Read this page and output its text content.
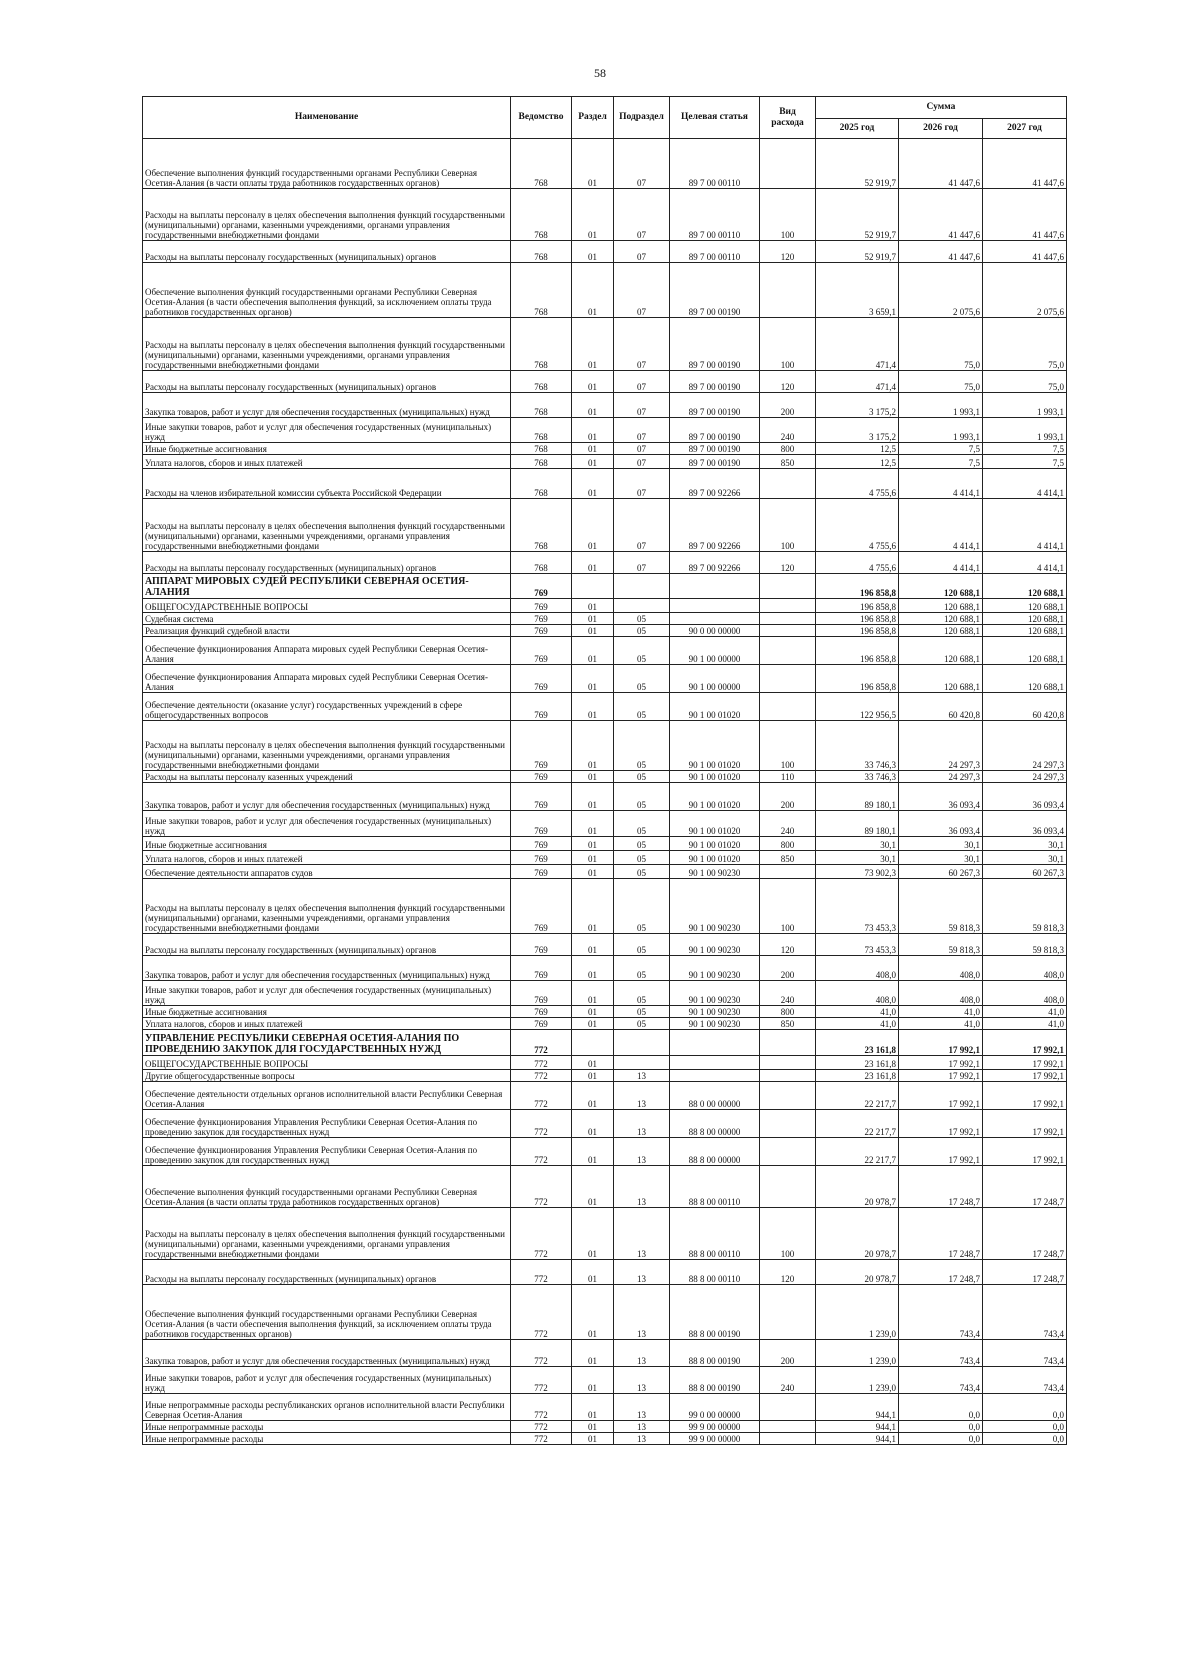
58
Наименование	Ведомство	Раздел	Подраздел	Целевая статья	Вид расхода	Сумма		
						2025 год	2026 год	2027 год
Обеспечение выполнения функций государственными органами Республики Северная Осетия-Алания (в части оплаты труда работников государственных органов)	768	01	07	89 7 00 00110		52 919,7	41 447,6	41 447,6
Расходы на выплаты персоналу в целях обеспечения выполнения функций государственными (муниципальными) органами, казенными учреждениями, органами управления государственными внебюджетными фондами	768	01	07	89 7 00 00110	100	52 919,7	41 447,6	41 447,6
Расходы на выплаты персоналу государственных (муниципальных) органов	768	01	07	89 7 00 00110	120	52 919,7	41 447,6	41 447,6
Обеспечение выполнения функций государственными органами Республики Северная Осетия-Алания (в части обеспечения выполнения функций, за исключением оплаты труда работников государственных органов)	768	01	07	89 7 00 00190		3 659,1	2 075,6	2 075,6
Расходы на выплаты персоналу в целях обеспечения выполнения функций государственными (муниципальными) органами, казенными учреждениями, органами управления государственными внебюджетными фондами	768	01	07	89 7 00 00190	100	471,4	75,0	75,0
Расходы на выплаты персоналу государственных (муниципальных) органов	768	01	07	89 7 00 00190	120	471,4	75,0	75,0
Закупка товаров, работ и услуг для обеспечения государственных (муниципальных) нужд	768	01	07	89 7 00 00190	200	3 175,2	1 993,1	1 993,1
Иные закупки товаров, работ и услуг для обеспечения государственных (муниципальных) нужд	768	01	07	89 7 00 00190	240	3 175,2	1 993,1	1 993,1
Иные бюджетные ассигнования	768	01	07	89 7 00 00190	800	12,5	7,5	7,5
Уплата налогов, сборов и иных платежей	768	01	07	89 7 00 00190	850	12,5	7,5	7,5
Расходы на членов избирательной комиссии субъекта Российской Федерации	768	01	07	89 7 00 92266		4 755,6	4 414,1	4 414,1
Расходы на выплаты персоналу в целях обеспечения выполнения функций государственными (муниципальными) органами, казенными учреждениями, органами управления государственными внебюджетными фондами	768	01	07	89 7 00 92266	100	4 755,6	4 414,1	4 414,1
Расходы на выплаты персоналу государственных (муниципальных) органов	768	01	07	89 7 00 92266	120	4 755,6	4 414,1	4 414,1
АППАРАТ МИРОВЫХ СУДЕЙ РЕСПУБЛИКИ СЕВЕРНАЯ ОСЕТИЯ-АЛАНИЯ	769					196 858,8	120 688,1	120 688,1
ОБЩЕГОСУДАРСТВЕННЫЕ ВОПРОСЫ	769	01				196 858,8	120 688,1	120 688,1
Судебная система	769	01	05			196 858,8	120 688,1	120 688,1
Реализация функций судебной власти	769	01	05	90 0 00 00000		196 858,8	120 688,1	120 688,1
Обеспечение функционирования Аппарата мировых судей Республики Северная Осетия-Алания	769	01	05	90 1 00 00000		196 858,8	120 688,1	120 688,1
Обеспечение функционирования Аппарата мировых судей Республики Северная Осетия-Алания	769	01	05	90 1 00 00000		196 858,8	120 688,1	120 688,1
Обеспечение деятельности (оказание услуг) государственных учреждений в сфере общегосударственных вопросов	769	01	05	90 1 00 01020		122 956,5	60 420,8	60 420,8
Расходы на выплаты персоналу в целях обеспечения выполнения функций государственными (муниципальными) органами, казенными учреждениями, органами управления государственными внебюджетными фондами	769	01	05	90 1 00 01020	100	33 746,3	24 297,3	24 297,3
Расходы на выплаты персоналу казенных учреждений	769	01	05	90 1 00 01020	110	33 746,3	24 297,3	24 297,3
Закупка товаров, работ и услуг для обеспечения государственных (муниципальных) нужд	769	01	05	90 1 00 01020	200	89 180,1	36 093,4	36 093,4
Иные закупки товаров, работ и услуг для обеспечения государственных (муниципальных) нужд	769	01	05	90 1 00 01020	240	89 180,1	36 093,4	36 093,4
Иные бюджетные ассигнования	769	01	05	90 1 00 01020	800	30,1	30,1	30,1
Уплата налогов, сборов и иных платежей	769	01	05	90 1 00 01020	850	30,1	30,1	30,1
Обеспечение деятельности аппаратов судов	769	01	05	90 1 00 90230		73 902,3	60 267,3	60 267,3
Расходы на выплаты персоналу в целях обеспечения выполнения функций государственными (муниципальными) органами, казенными учреждениями, органами управления государственными внебюджетными фондами	769	01	05	90 1 00 90230	100	73 453,3	59 818,3	59 818,3
Расходы на выплаты персоналу государственных (муниципальных) органов	769	01	05	90 1 00 90230	120	73 453,3	59 818,3	59 818,3
Закупка товаров, работ и услуг для обеспечения государственных (муниципальных) нужд	769	01	05	90 1 00 90230	200	408,0	408,0	408,0
Иные закупки товаров, работ и услуг для обеспечения государственных (муниципальных) нужд	769	01	05	90 1 00 90230	240	408,0	408,0	408,0
Иные бюджетные ассигнования	769	01	05	90 1 00 90230	800	41,0	41,0	41,0
Уплата налогов, сборов и иных платежей	769	01	05	90 1 00 90230	850	41,0	41,0	41,0
УПРАВЛЕНИЕ РЕСПУБЛИКИ СЕВЕРНАЯ ОСЕТИЯ-АЛАНИЯ ПО ПРОВЕДЕНИЮ ЗАКУПОК ДЛЯ ГОСУДАРСТВЕННЫХ НУЖД	772					23 161,8	17 992,1	17 992,1
ОБЩЕГОСУДАРСТВЕННЫЕ ВОПРОСЫ	772	01				23 161,8	17 992,1	17 992,1
Другие общегосударственные вопросы	772	01	13			23 161,8	17 992,1	17 992,1
Обеспечение деятельности отдельных органов исполнительной власти Республики Северная Осетия-Алания	772	01	13	88 0 00 00000		22 217,7	17 992,1	17 992,1
Обеспечение функционирования Управления Республики Северная Осетия-Алания по проведению закупок для государственных нужд	772	01	13	88 8 00 00000		22 217,7	17 992,1	17 992,1
Обеспечение функционирования Управления Республики Северная Осетия-Алания по проведению закупок для государственных нужд	772	01	13	88 8 00 00000		22 217,7	17 992,1	17 992,1
Обеспечение выполнения функций государственными органами Республики Северная Осетия-Алания (в части оплаты труда работников государственных органов)	772	01	13	88 8 00 00110		20 978,7	17 248,7	17 248,7
Расходы на выплаты персоналу в целях обеспечения выполнения функций государственными (муниципальными) органами, казенными учреждениями, органами управления государственными внебюджетными фондами	772	01	13	88 8 00 00110	100	20 978,7	17 248,7	17 248,7
Расходы на выплаты персоналу государственных (муниципальных) органов	772	01	13	88 8 00 00110	120	20 978,7	17 248,7	17 248,7
Обеспечение выполнения функций государственными органами Республики Северная Осетия-Алания (в части обеспечения выполнения функций, за исключением оплаты труда работников государственных органов)	772	01	13	88 8 00 00190		1 239,0	743,4	743,4
Закупка товаров, работ и услуг для обеспечения государственных (муниципальных) нужд	772	01	13	88 8 00 00190	200	1 239,0	743,4	743,4
Иные закупки товаров, работ и услуг для обеспечения государственных (муниципальных) нужд	772	01	13	88 8 00 00190	240	1 239,0	743,4	743,4
Иные непрограммные расходы республиканских органов исполнительной власти Республики Северная Осетия-Алания	772	01	13	99 0 00 00000		944,1	0,0	0,0
Иные непрограммные расходы	772	01	13	99 9 00 00000		944,1	0,0	0,0
Иные непрограммные расходы	772	01	13	99 9 00 00000		944,1	0,0	0,0
